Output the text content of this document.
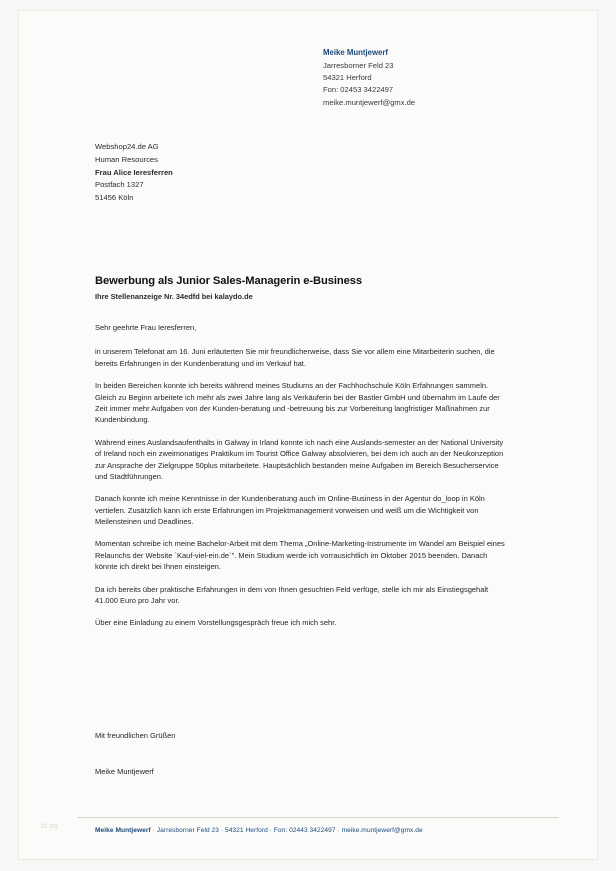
Meike Muntjewerf
Jarresborner Feld 23
54321 Herford
Fon: 02453 3422497
meike.muntjewerf@gmx.de
Webshop24.de AG
Human Resources
Frau Alice Ieresferren
Postfach 1327
51456 Köln
Bewerbung als Junior Sales-Managerin e-Business
Ihre Stellenanzeige Nr. 34edfd bei kalaydo.de

Sehr geehrte Frau Ieresferren,

in unserem Telefonat am 16. Juni erläuterten Sie mir freundlicherweise, dass Sie vor allem eine Mitarbeiterin suchen, die bereits Erfahrungen in der Kundenberatung und im Verkauf hat.

In beiden Bereichen konnte ich bereits während meines Studiums an der Fachhochschule Köln Erfahrungen sammeln. Gleich zu Beginn arbeitete ich mehr als zwei Jahre lang als Verkäuferin bei der Bastler GmbH und übernahm im Laufe der Zeit immer mehr Aufgaben von der Kunden-beratung und -betreuung bis zur Vorbereitung langfristiger Maßnahmen zur Kundenbindung.

Während eines Auslandsaufenthalts in Galway in Irland konnte ich nach eine Auslands-semester an der National University of Ireland noch ein zweimonatiges Praktikum im Tourist Office Galway absolvieren, bei dem ich auch an der Neukonzeption zur Ansprache der Zielgruppe 50plus mitarbeitete. Hauptsächlich bestanden meine Aufgaben im Bereich Besucherservice und Stadtführungen.

Danach konnte ich meine Kenntnisse in der Kundenberatung auch im Online-Business in der Agentur do_loop in Köln vertiefen. Zusätzlich kann ich erste Erfahrungen im Projektmanagement vorweisen und weiß um die Wichtigkeit von Meilensteinen und Deadlines.

Momentan schreibe ich meine Bachelor-Arbeit mit dem Thema „Online-Marketing-Instrumente im Wandel am Beispiel eines Relaunchs der Website `Kauf-viel-ein.de`". Mein Studium werde ich vorrausichtlich im Oktober 2015 beenden. Danach könnte ich direkt bei Ihnen einsteigen.

Da ich bereits über praktische Erfahrungen in dem von Ihnen gesuchten Feld verfüge, stelle ich mir als Einstiegsgehalt 41.000 Euro pro Jahr vor.

Über eine Einladung zu einem Vorstellungsgespräch freue ich mich sehr.

Mit freundlichen Grüßen
Meike Muntjewerf
Meike Muntjewerf · Jarresborner Feld 23 · 54321 Herford · Fon: 02443 3422497 · meike.muntjewerf@gmx.de
bLog
